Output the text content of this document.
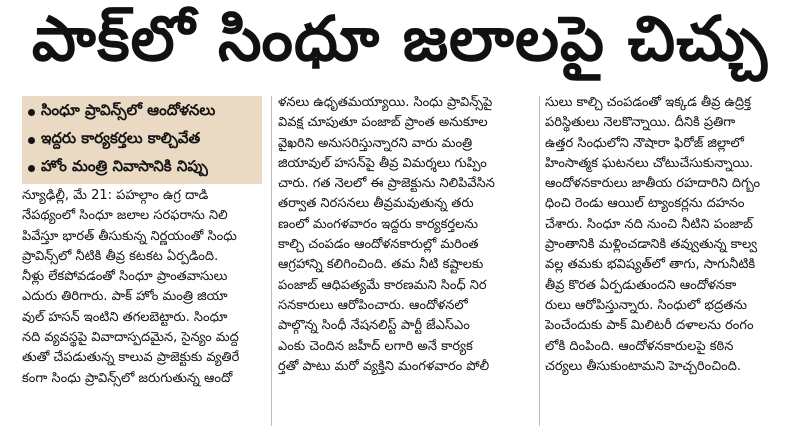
పాక్‌లో సింధూ జలాలపై చిచ్చు
సింధూ ప్రావిన్స్‌లో ఆందోళనలు
ఇద్దరు కార్యకర్తలు కాల్చివేత
హోం మంత్రి నివాసానికి నిప్పు
న్యూఢిల్లీ, మే 21: పహల్గాం ఉగ్ర దాడి
నేపథ్యంలో సింధూ జలాల సరఫరాను నిలి
పివేస్తూ భారత్ తీసుకున్న నిర్ణయంతో సింధు
ప్రావిన్స్‌లో నీటికి తీవ్ర కటకట ఏర్పడింది.
నీళ్లు లేకపోవడంతో సింధూ ప్రాంతవాసులు
ఎదురు తిరిగారు. పాక్ హోం మంత్రి జియా
వుల్ హసన్ ఇంటిని తగలబెట్టారు. సింధూ
నది వ్యవస్థపై వివాదాస్పదమైన, సైన్యం మద్ద
తుతో చేపడుతున్న కాలువ ప్రాజెక్టుకు వ్యతిరే
కంగా సింధు ప్రావిన్స్‌లో జరుగుతున్న ఆందో
ళనలు ఉధృతమయ్యాయి. సింధు ప్రావిన్స్‌పై
వివక్ష చూపుతూ పంజాబ్ ప్రాంత అనుకూల
వైఖరిని అనుసరిస్తున్నారని వారు మంత్రి
జియావుల్ హసన్‌పై తీవ్ర విమర్శలు గుప్పిం
చారు. గత నెలలో ఈ ప్రాజెక్టును నిలిపివేసిన
తర్వాత నిరసనలు తీవ్రమవుతున్న తరు
ణంలో మంగళవారం ఇద్దరు కార్యకర్తలను
కాల్చి చంపడం ఆందోళనకారుల్లో మరింత
ఆగ్రహాన్ని కలిగించింది. తమ నీటి కష్టాలకు
పంజాబ్ ఆధిపత్యమే కారణమని సింధ్ నిర
సనకారులు ఆరోపించారు. ఆందోళనలో
పాల్గొన్న సింధీ నేషనలిస్ట్ పార్టీ జేఎస్ఎం
ఎంకు చెందిన జహీద్ లగారి అనే కార్యక
ర్తతో పాటు మరో వ్యక్తిని మంగళవారం పోలీ
సులు కాల్చి చంపడంతో ఇక్కడ తీవ్ర ఉద్రిక్త
పరిస్థితులు నెలకొన్నాయి. దీనికి ప్రతిగా
ఉత్తర సింధులోని నౌషారా ఫిరోజ్ జిల్లాలో
హింసాత్మక ఘటనలు చోటుచేసుకున్నాయి.
ఆందోళనకారులు జాతీయ రహదారిని దిగ్బం
ధించి రెండు ఆయిల్ ట్యాంకర్లను దహనం
చేశారు. సింధూ నది నుంచి నీటిని పంజాబ్
ప్రాంతానికి మళ్లించడానికి తవ్వుతున్న కాల్వ
వల్ల తమకు భవిష్యత్‌లో తాగు, సాగునీటికి
తీవ్ర కొరత ఏర్పడుతుందని ఆందోళనకా
రులు ఆరోపిస్తున్నారు. సింధులో భద్రతను
పెంచేందుకు పాక్ మిలిటరీ దళాలను రంగం
లోకి దింపింది. ఆందోళనకారులపై కఠిన
చర్యలు తీసుకుంటామని హెచ్చరించింది.
